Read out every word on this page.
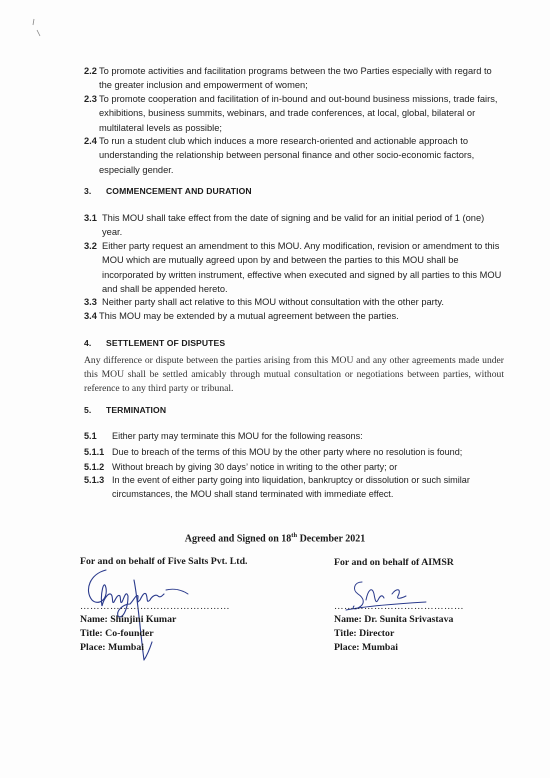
2.2 To promote activities and facilitation programs between the two Parties especially with regard to the greater inclusion and empowerment of women;
2.3 To promote cooperation and facilitation of in-bound and out-bound business missions, trade fairs, exhibitions, business summits, webinars, and trade conferences, at local, global, bilateral or multilateral levels as possible;
2.4 To run a student club which induces a more research-oriented and actionable approach to understanding the relationship between personal finance and other socio-economic factors, especially gender.
3. COMMENCEMENT AND DURATION
3.1 This MOU shall take effect from the date of signing and be valid for an initial period of 1 (one) year.
3.2 Either party request an amendment to this MOU. Any modification, revision or amendment to this MOU which are mutually agreed upon by and between the parties to this MOU shall be incorporated by written instrument, effective when executed and signed by all parties to this MOU and shall be appended hereto.
3.3 Neither party shall act relative to this MOU without consultation with the other party.
3.4 This MOU may be extended by a mutual agreement between the parties.
4. SETTLEMENT OF DISPUTES
Any difference or dispute between the parties arising from this MOU and any other agreements made under this MOU shall be settled amicably through mutual consultation or negotiations between parties, without reference to any third party or tribunal.
5. TERMINATION
5.1	Either party may terminate this MOU for the following reasons:
5.1.1 Due to breach of the terms of this MOU by the other party where no resolution is found;
5.1.2 Without breach by giving 30 days’ notice in writing to the other party; or
5.1.3 In the event of either party going into liquidation, bankruptcy or dissolution or such similar circumstances, the MOU shall stand terminated with immediate effect.
Agreed and Signed on 18th December 2021
For and on behalf of Five Salts Pvt. Ltd.
………………………………………
Name: Shinjini Kumar
Title: Co-founder
Place: Mumbai
For and on behalf of AIMSR
…………………………………
Name: Dr. Sunita Srivastava
Title: Director
Place: Mumbai
